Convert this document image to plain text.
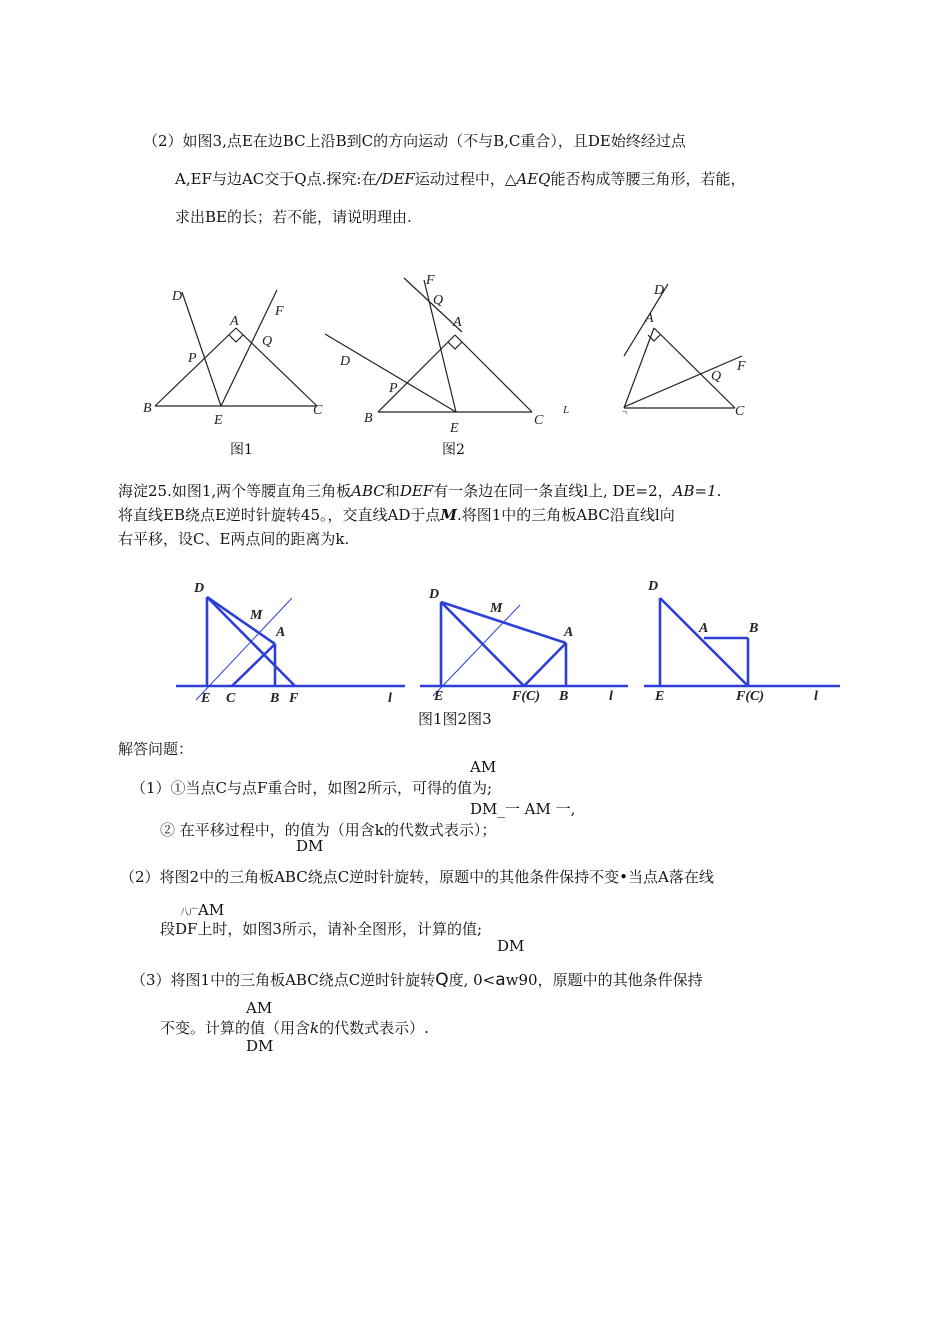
（2）如图3,点E在边BC上沿B到C的方向运动（不与B,C重合），且DE始终经过点
A,EF与边AC交于Q点.探究:在∕DEF运动过程中，△AEQ能否构成等腰三角形，若能，
求出BE的长；若不能，请说明理由.
D
A
F
P
Q
B
E
C
F
Q
A
D
P
B
E
C
D
A
F
Q
C
L	¬
图1	图2
海淀25.如图1,两个等腰直角三角板ABC和DEF有一条边在同一条直线l上, DE=2，AB=1.
将直线EB绕点E逆时针旋转45。，交直线AD于点M.将图1中的三角板ABC沿直线l向
右平移，设C、E两点间的距离为k.
D
M
A
E C B F	l
D
M
A
E	F(C) B	l
D
A	B
E	F(C)	l
图1图2图3
解答问题：
AM
（1）①当点C与点F重合时，如图2所示，可得的值为;
DM_一 AM 一,
② 在平移过程中，的值为（用含k的代数式表示）；
DM
（2）将图2中的三角板ABC绕点C逆时针旋转，原题中的其他条件保持不变•当点A落在线
八广AM
段DF上时，如图3所示，请补全图形，计算的值;
DM
（3）将图1中的三角板ABC绕点C逆时针旋转Q度, 0<aw90，原题中的其他条件保持
AM
不变。计算的值（用含k的代数式表示）.
DM
